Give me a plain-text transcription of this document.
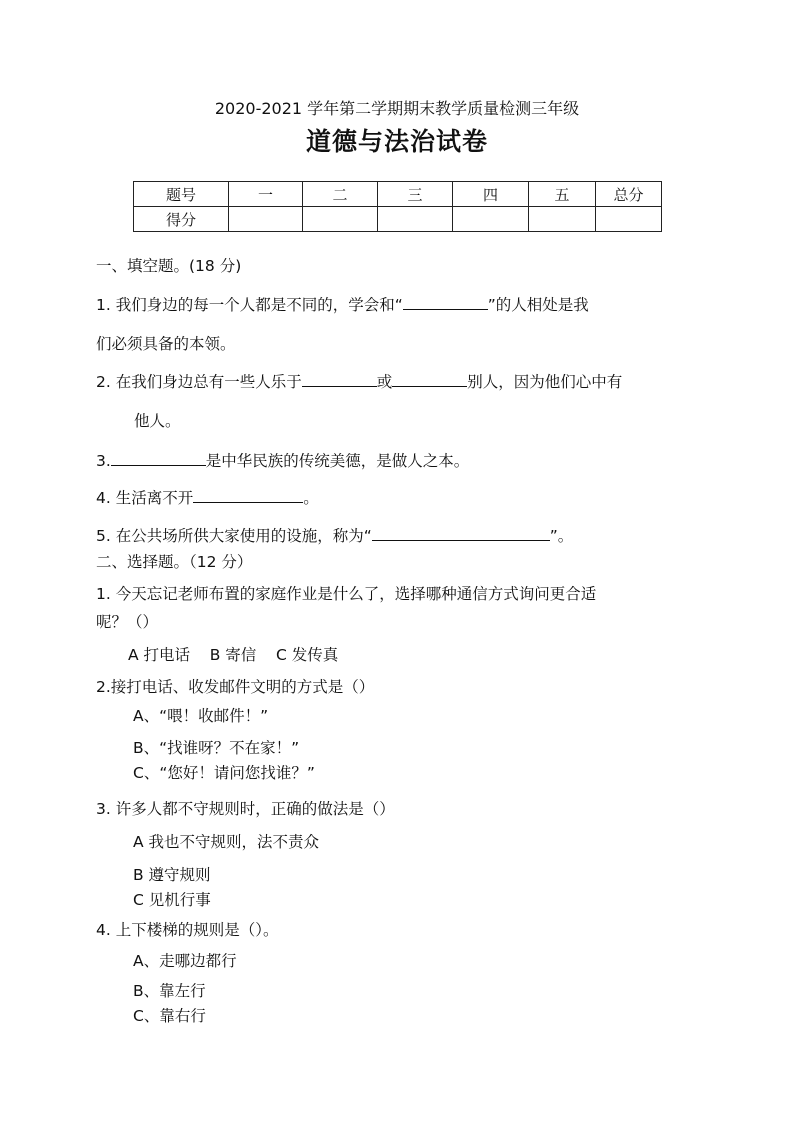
2020-2021 学年第二学期期末教学质量检测三年级
道德与法治试卷
题号	一	二	三	四	五	总分
得分						
一、填空题。(18 分)
1. 我们身边的每一个人都是不同的，学会和“	”的人相处是我
们必须具备的本领。
2. 在我们身边总有一些人乐于	或	别人，因为他们心中有
他人。
3.	是中华民族的传统美德，是做人之本。
4. 生活离不开	。
5. 在公共场所供大家使用的设施，称为“	”。
二、选择题。（12 分）
1. 今天忘记老师布置的家庭作业是什么了，选择哪种通信方式询问更合适
呢？（）
A 打电话    B 寄信    C 发传真
2.接打电话、收发邮件文明的方式是（）
A、“喂！收邮件！”
B、“找谁呀？不在家！”
C、“您好！请问您找谁？”
3. 许多人都不守规则时，正确的做法是（）
A 我也不守规则，法不责众
B 遵守规则
C 见机行事
4. 上下楼梯的规则是（）。
A、走哪边都行
B、靠左行
C、靠右行
